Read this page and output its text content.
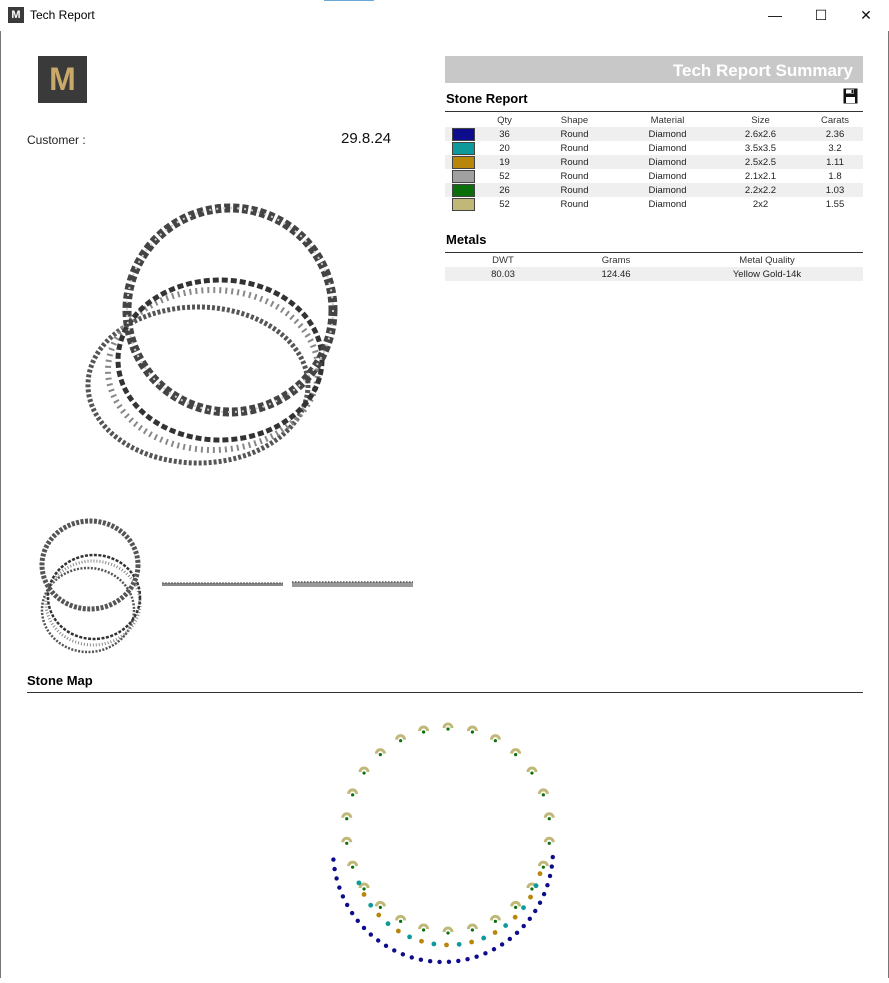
M Tech Report	—	☐	✕
M
Customer :	29.8.24
Tech Report Summary
Stone Report
	Qty	Shape	Material	Size	Carats
	36	Round	Diamond	2.6x2.6	2.36
	20	Round	Diamond	3.5x3.5	3.2
	19	Round	Diamond	2.5x2.5	1.11
	52	Round	Diamond	2.1x2.1	1.8
	26	Round	Diamond	2.2x2.2	1.03
	52	Round	Diamond	2x2	1.55
Metals
DWT	Grams	Metal Quality
80.03	124.46	Yellow Gold-14k
Stone Map
